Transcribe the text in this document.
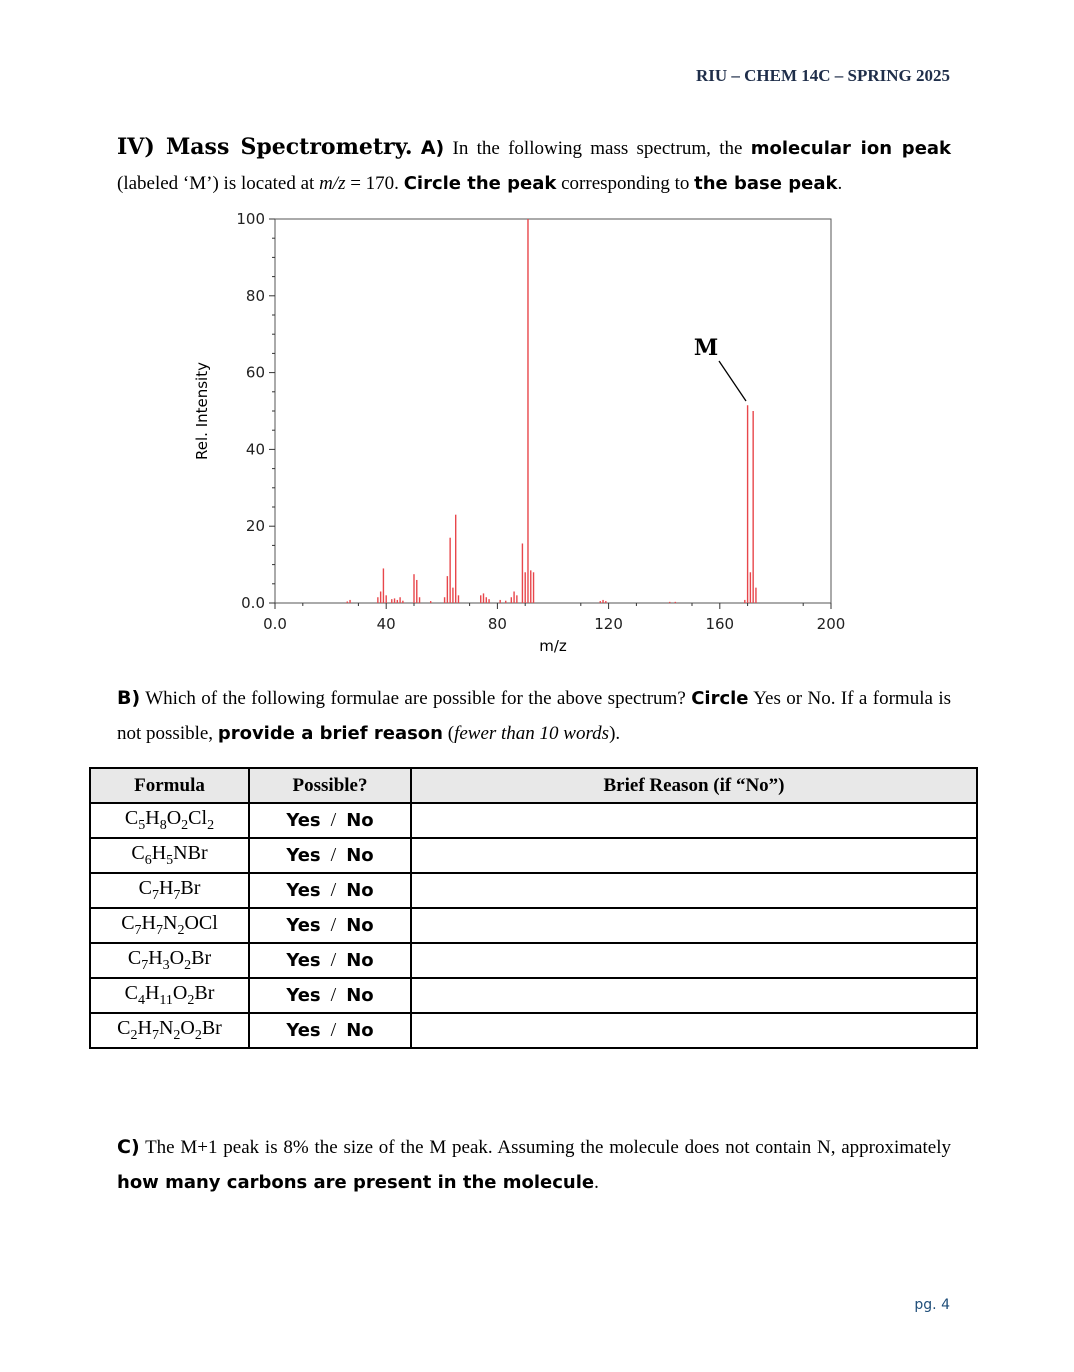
RIU – CHEM 14C – SPRING 2025
IV) Mass Spectrometry. A) In the following mass spectrum, the molecular ion peak (labeled ‘M’) is located at m/z = 170. Circle the peak corresponding to the base peak.
0.0	40	80	120	160	200
0.0
20
40
60
80
100
Rel. Intensity
m/z
M
B) Which of the following formulae are possible for the above spectrum? Circle Yes or No. If a formula is not possible, provide a brief reason (fewer than 10 words).
Formula	Possible?	Brief Reason (if “No”)
$C_5H_8O_2Cl_2$	Yes / No	
$C_6H_5NBr$	Yes / No	
$C_7H_7Br$	Yes / No	
$C_7H_7N_2OCl$	Yes / No	
$C_7H_3O_2Br$	Yes / No	
$C_4H_{11}O_2Br$	Yes / No	
$C_2H_7N_2O_2Br$	Yes / No	
C) The M+1 peak is 8% the size of the M peak. Assuming the molecule does not contain N, approximately how many carbons are present in the molecule.
pg. 4
